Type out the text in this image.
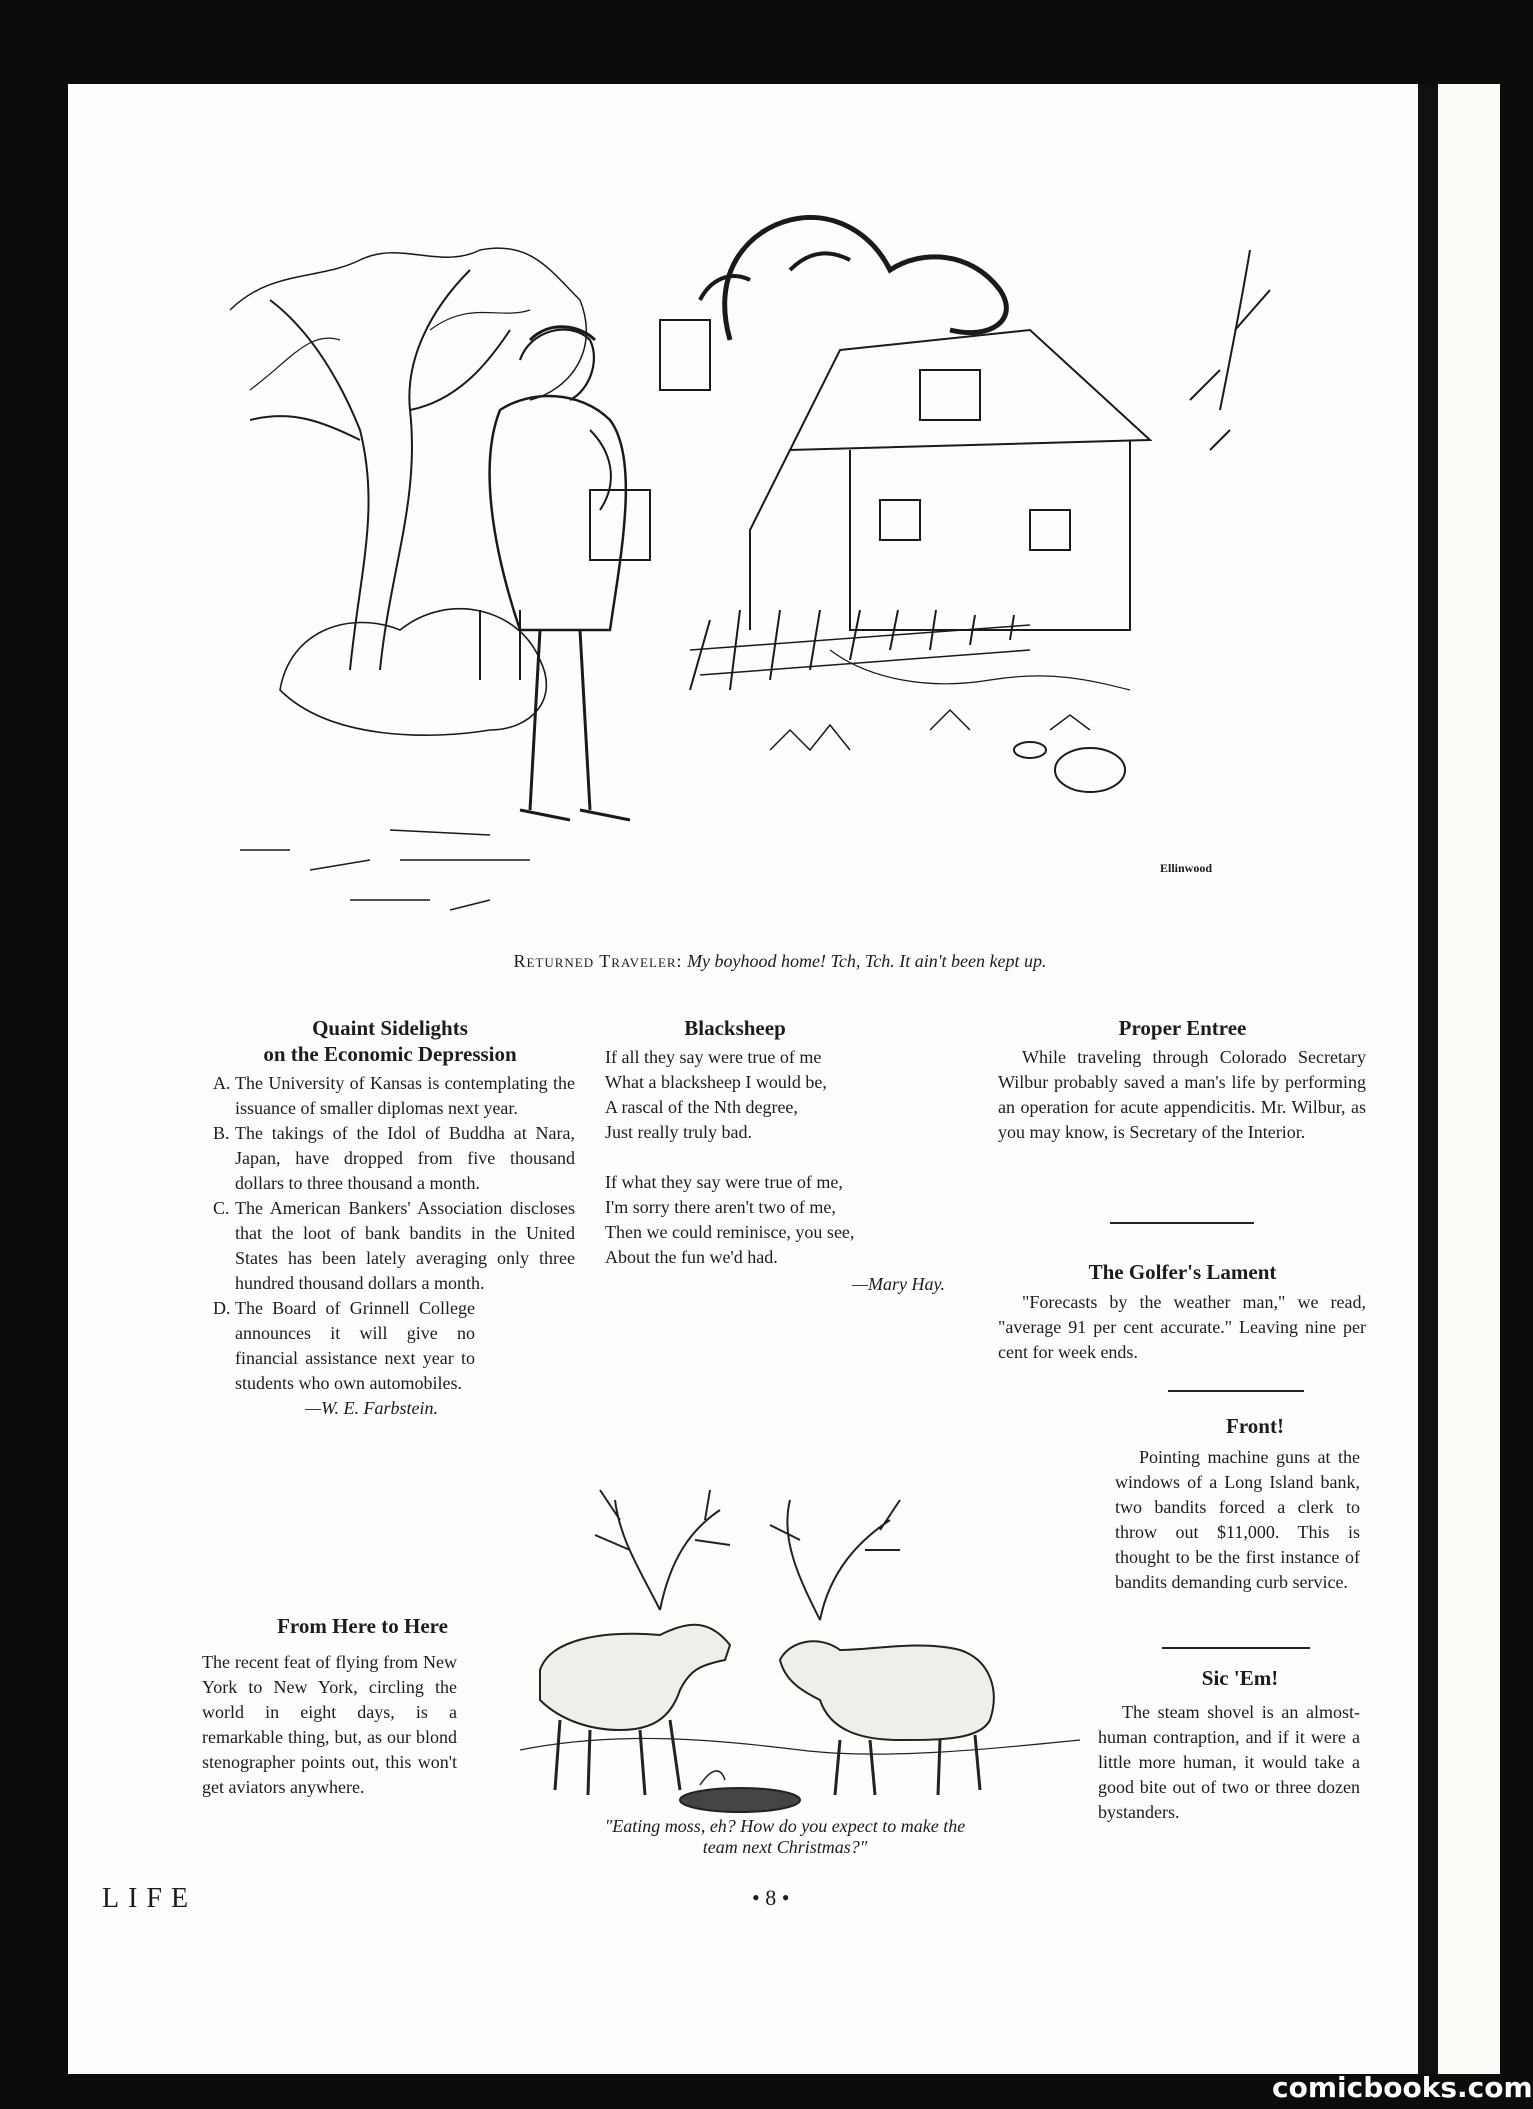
Ellinwood
Returned Traveler: My boyhood home! Tch, Tch. It ain't been kept up.
Quaint Sidelights
on the Economic Depression
A. The University of Kansas is contemplating the issuance of smaller diplomas next year.
B. The takings of the Idol of Buddha at Nara, Japan, have dropped from five thousand dollars to three thousand a month.
C. The American Bankers' Association discloses that the loot of bank bandits in the United States has been lately averaging only three hundred thousand dollars a month.
D. The Board of Grinnell College announces it will give no financial assistance next year to students who own automobiles.
—W. E. Farbstein.
From Here to Here
The recent feat of flying from New York to New York, circling the world in eight days, is a remarkable thing, but, as our blond stenographer points out, this won't get aviators anywhere.
Blacksheep
If all they say were true of me
What a blacksheep I would be,
A rascal of the Nth degree,
Just really truly bad.
If what they say were true of me,
I'm sorry there aren't two of me,
Then we could reminisce, you see,
About the fun we'd had.
—Mary Hay.
"Eating moss, eh? How do you expect to make the
team next Christmas?"
Proper Entree
While traveling through Colorado Secretary Wilbur probably saved a man's life by performing an operation for acute appendicitis. Mr. Wilbur, as you may know, is Secretary of the Interior.
The Golfer's Lament
"Forecasts by the weather man," we read, "average 91 per cent accurate." Leaving nine per cent for week ends.
Front!
Pointing machine guns at the windows of a Long Island bank, two bandits forced a clerk to throw out $11,000. This is thought to be the first instance of bandits demanding curb service.
Sic 'Em!
The steam shovel is an almost-human contraption, and if it were a little more human, it would take a good bite out of two or three dozen bystanders.
LIFE	• 8 •
comicbooks.com
